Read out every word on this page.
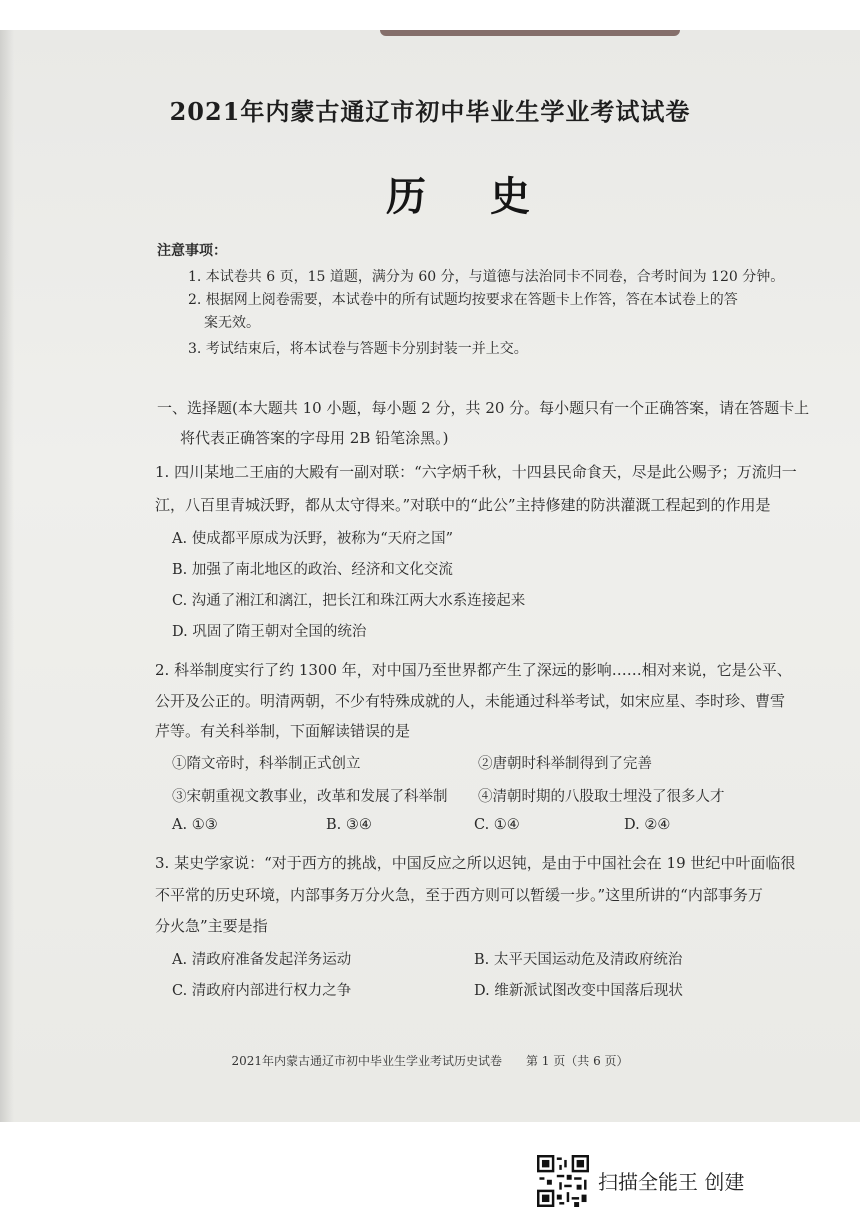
2021年内蒙古通辽市初中毕业生学业考试试卷
历史
注意事项：
1. 本试卷共 6 页，15 道题，满分为 60 分，与道德与法治同卡不同卷，合考时间为 120 分钟。
2. 根据网上阅卷需要，本试卷中的所有试题均按要求在答题卡上作答，答在本试卷上的答
案无效。
3. 考试结束后，将本试卷与答题卡分别封装一并上交。
一、选择题(本大题共 10 小题，每小题 2 分，共 20 分。每小题只有一个正确答案，请在答题卡上
将代表正确答案的字母用 2B 铅笔涂黑。)
1. 四川某地二王庙的大殿有一副对联：“六字炳千秋，十四县民命食天，尽是此公赐予；万流归一
江，八百里青城沃野，都从太守得来。”对联中的“此公”主持修建的防洪灌溉工程起到的作用是
A. 使成都平原成为沃野，被称为“天府之国”
B. 加强了南北地区的政治、经济和文化交流
C. 沟通了湘江和漓江，把长江和珠江两大水系连接起来
D. 巩固了隋王朝对全国的统治
2. 科举制度实行了约 1300 年，对中国乃至世界都产生了深远的影响……相对来说，它是公平、
公开及公正的。明清两朝，不少有特殊成就的人，未能通过科举考试，如宋应星、李时珍、曹雪
芹等。有关科举制，下面解读错误的是
①隋文帝时，科举制正式创立	②唐朝时科举制得到了完善
③宋朝重视文教事业，改革和发展了科举制 ④清朝时期的八股取士埋没了很多人才
A. ①③	B. ③④	C. ①④	D. ②④
3. 某史学家说：“对于西方的挑战，中国反应之所以迟钝，是由于中国社会在 19 世纪中叶面临很
不平常的历史环境，内部事务万分火急，至于西方则可以暂缓一步。”这里所讲的“内部事务万
分火急”主要是指
A. 清政府准备发起洋务运动	B. 太平天国运动危及清政府统治
C. 清政府内部进行权力之争	D. 维新派试图改变中国落后现状
2021年内蒙古通辽市初中毕业生学业考试历史试卷　　第 1 页（共 6 页）
扫描全能王 创建
